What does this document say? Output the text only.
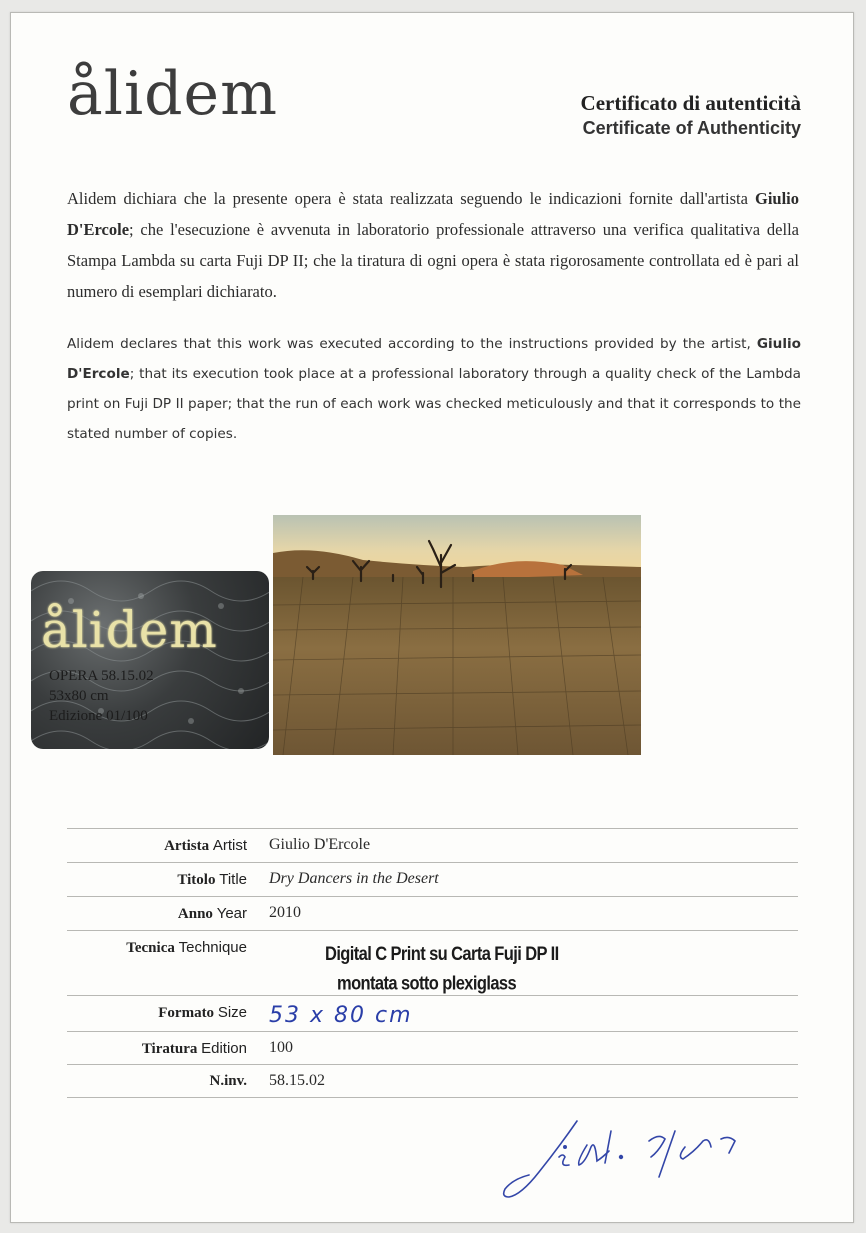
ålidem	Certificato di autenticità
Certificate of Authenticity
Alidem dichiara che la presente opera è stata realizzata seguendo le indicazioni fornite dall'artista Giulio D'Ercole; che l'esecuzione è avvenuta in laboratorio professionale attraverso una verifica qualitativa della Stampa Lambda su carta Fuji DP II; che la tiratura di ogni opera è stata rigorosamente controllata ed è pari al numero di esemplari dichiarato.
Alidem declares that this work was executed according to the instructions provided by the artist, Giulio D'Ercole; that its execution took place at a professional laboratory through a quality check of the Lambda print on Fuji DP II paper; that the run of each work was checked meticulously and that it corresponds to the stated number of copies.
ålidem
OPERA 58.15.02
53x80 cm
Edizione 01/100
Artista Artist	Giulio D'Ercole
Titolo Title	Dry Dancers in the Desert
Anno Year	2010
Tecnica Technique	Digital C Print su Carta Fuji DP II
montata sotto plexiglass
Formato Size	53 x 80 cm
Tiratura Edition	100
N.inv.	58.15.02
